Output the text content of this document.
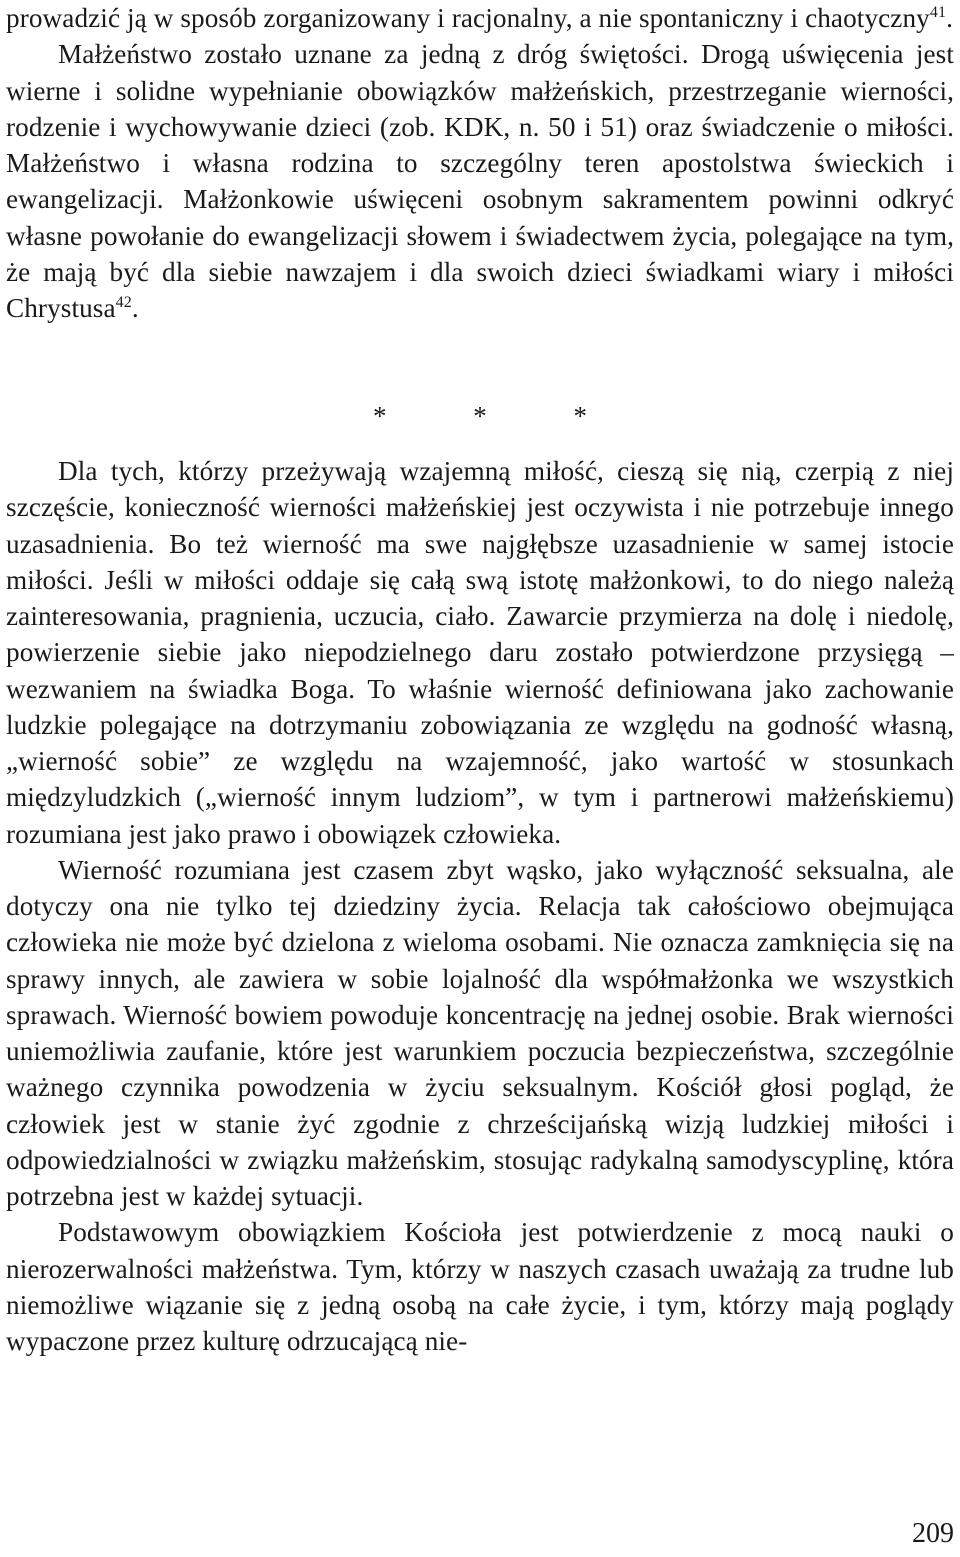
prowadzić ją w sposób zorganizowany i racjonalny, a nie spontaniczny i chaotyczny$^{41}$.

Małżeństwo zostało uznane za jedną z dróg świętości. Drogą uświęcenia jest wierne i solidne wypełnianie obowiązków małżeńskich, przestrzeganie wierności, rodzenie i wychowywanie dzieci (zob. KDK, n. 50 i 51) oraz świadczenie o miłości. Małżeństwo i własna rodzina to szczególny teren apostolstwa świeckich i ewangelizacji. Małżonkowie uświęceni osobnym sakramentem powinni odkryć własne powołanie do ewangelizacji słowem i świadectwem życia, polegające na tym, że mają być dla siebie nawzajem i dla swoich dzieci świadkami wiary i miłości Chrystusa$^{42}$.

* * *

Dla tych, którzy przeżywają wzajemną miłość, cieszą się nią, czerpią z niej szczęście, konieczność wierności małżeńskiej jest oczywista i nie potrzebuje innego uzasadnienia. Bo też wierność ma swe najgłębsze uzasadnienie w samej istocie miłości. Jeśli w miłości oddaje się całą swą istotę małżonkowi, to do niego należą zainteresowania, pragnienia, uczucia, ciało. Zawarcie przymierza na dolę i niedolę, powierzenie siebie jako niepodzielnego daru zostało potwierdzone przysięgą – wezwaniem na świadka Boga. To właśnie wierność definiowana jako zachowanie ludzkie polegające na dotrzymaniu zobowiązania ze względu na godność własną, „wierność sobie” ze względu na wzajemność, jako wartość w stosunkach międzyludzkich („wierność innym ludziom”, w tym i partnerowi małżeńskiemu) rozumiana jest jako prawo i obowiązek człowieka.

Wierność rozumiana jest czasem zbyt wąsko, jako wyłączność seksualna, ale dotyczy ona nie tylko tej dziedziny życia. Relacja tak całościowo obejmująca człowieka nie może być dzielona z wieloma osobami. Nie oznacza zamknięcia się na sprawy innych, ale zawiera w sobie lojalność dla współmałżonka we wszystkich sprawach. Wierność bowiem powoduje koncentrację na jednej osobie. Brak wierności uniemożliwia zaufanie, które jest warunkiem poczucia bezpieczeństwa, szczególnie ważnego czynnika powodzenia w życiu seksualnym. Kościół głosi pogląd, że człowiek jest w stanie żyć zgodnie z chrześcijańską wizją ludzkiej miłości i odpowiedzialności w związku małżeńskim, stosując radykalną samodyscyplinę, która potrzebna jest w każdej sytuacji.

Podstawowym obowiązkiem Kościoła jest potwierdzenie z mocą nauki o nierozerwalności małżeństwa. Tym, którzy w naszych czasach uważają za trudne lub niemożliwe wiązanie się z jedną osobą na całe życie, i tym, którzy mają poglądy wypaczone przez kulturę odrzucającą nie-

209
